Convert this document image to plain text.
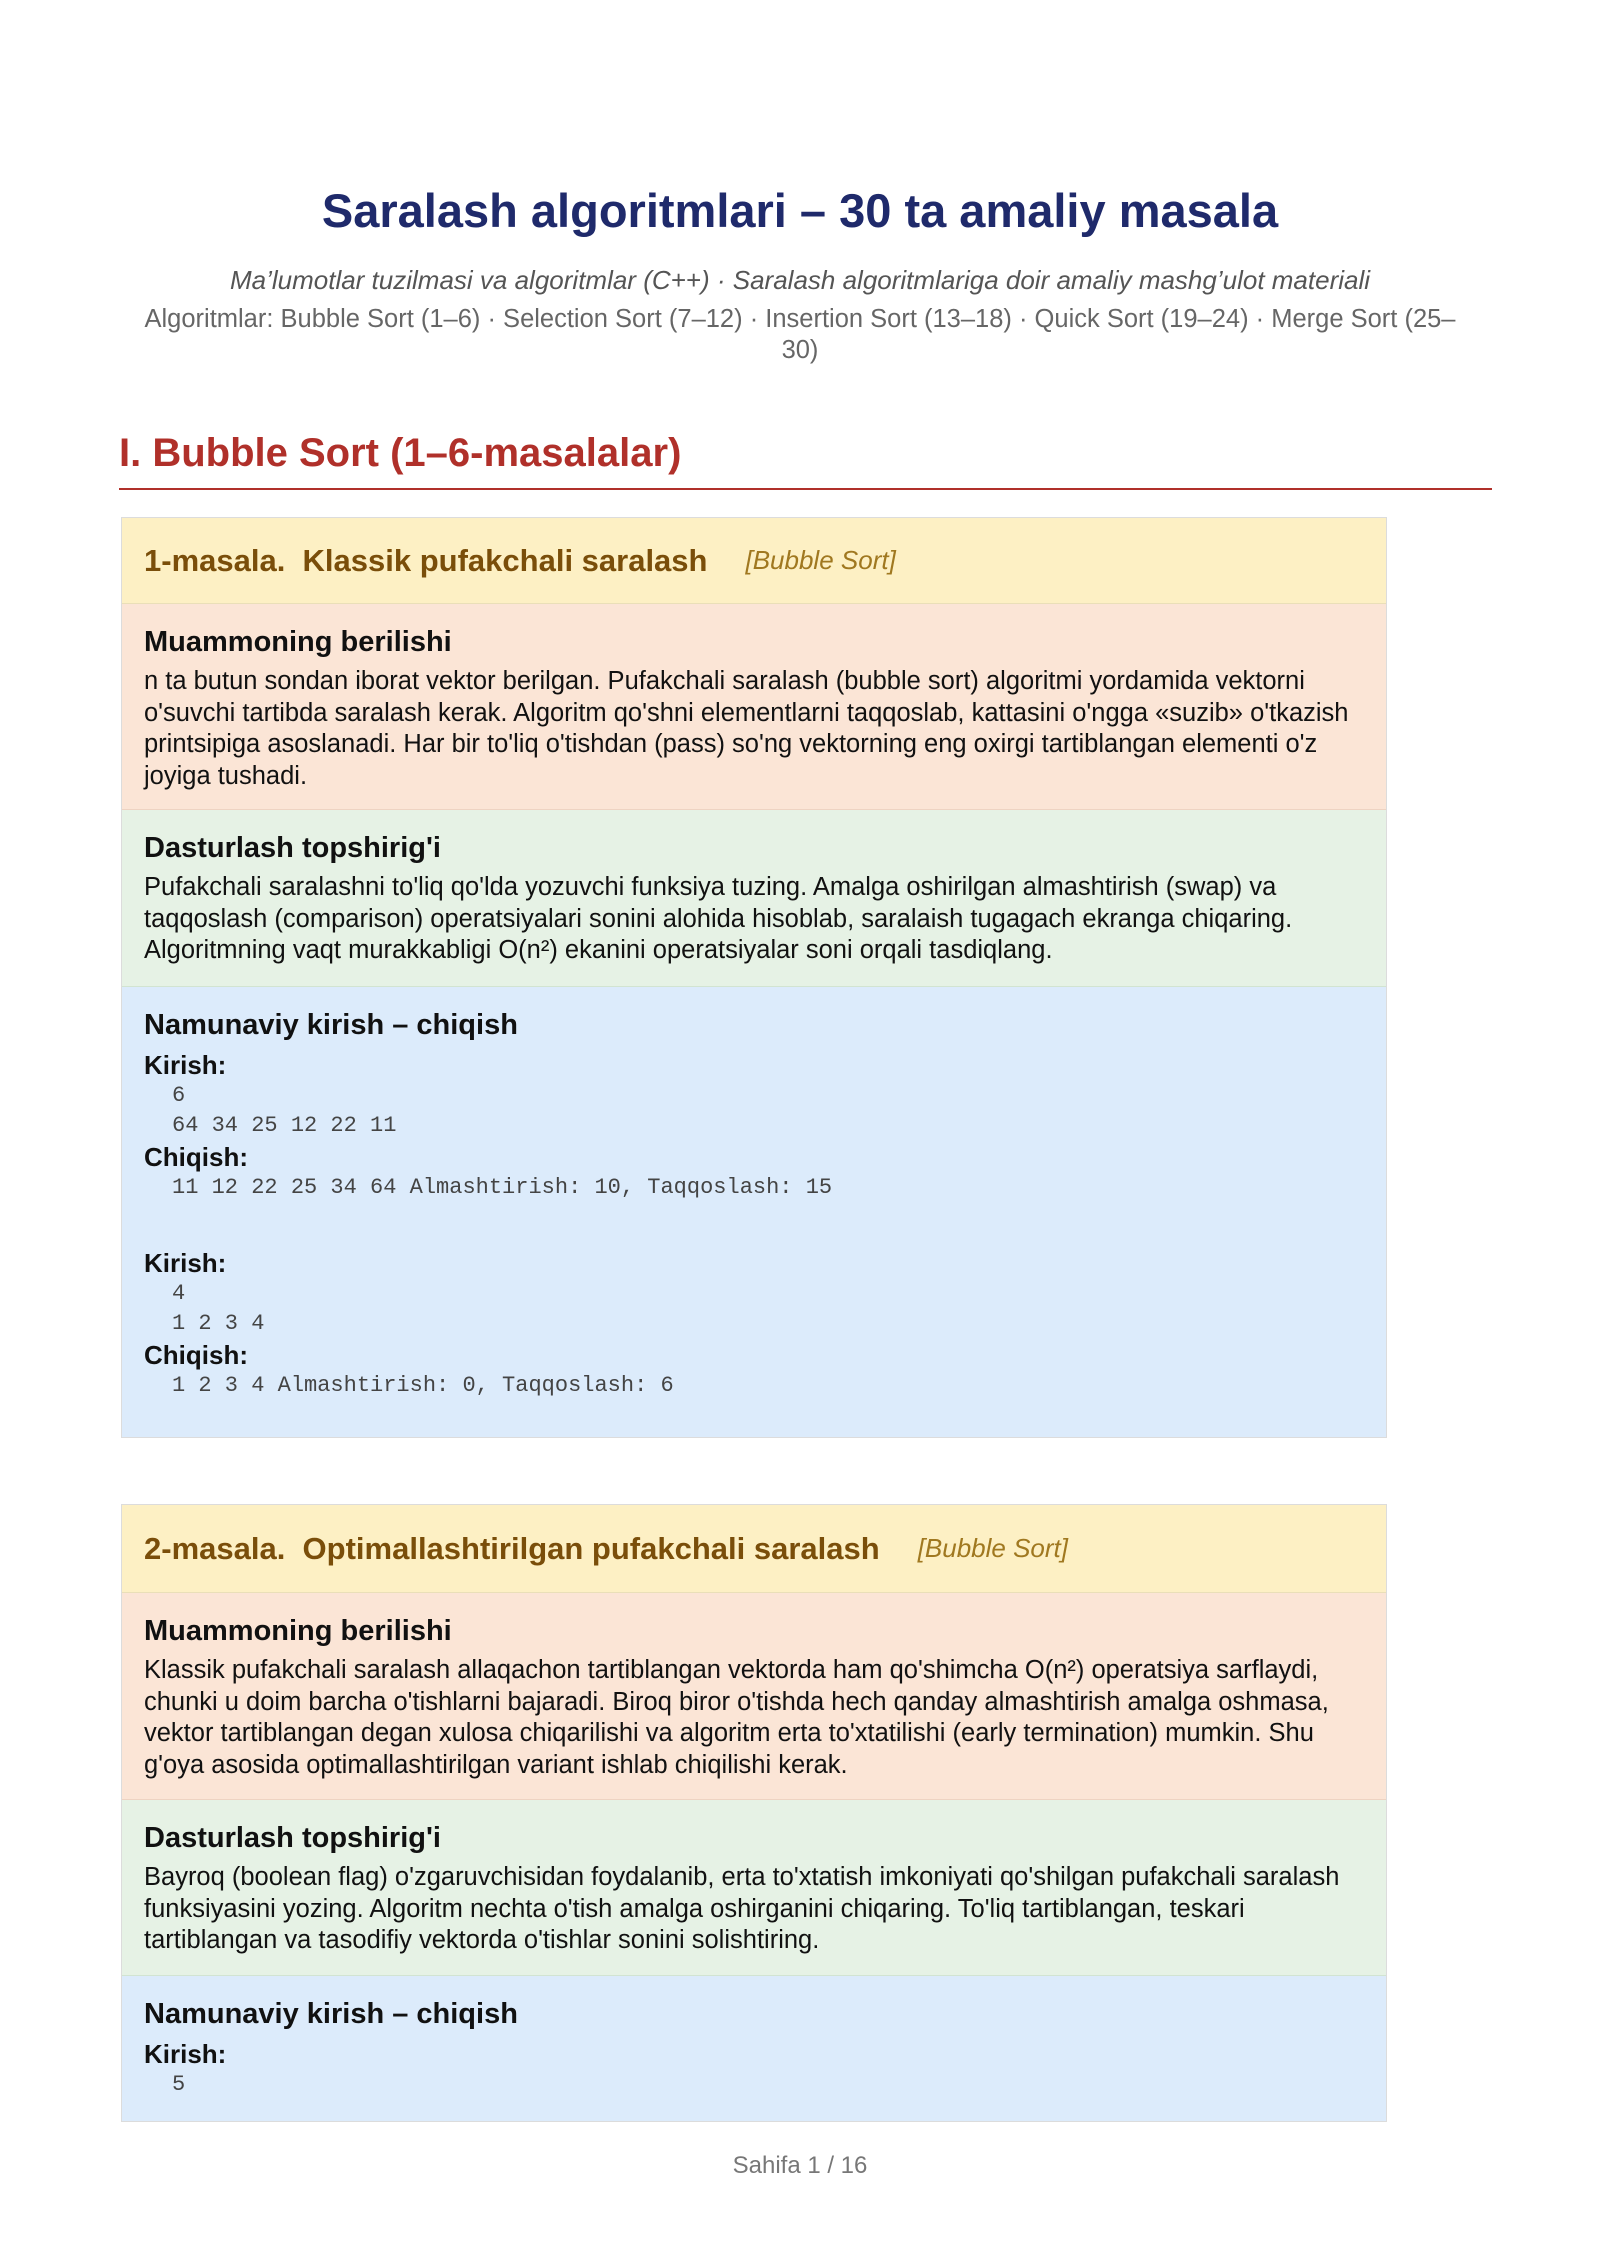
Saralash algoritmlari – 30 ta amaliy masala
Ma’lumotlar tuzilmasi va algoritmlar (C++) · Saralash algoritmlariga doir amaliy mashg’ulot materiali
Algoritmlar: Bubble Sort (1–6) · Selection Sort (7–12) · Insertion Sort (13–18) · Quick Sort (19–24) · Merge Sort (25–30)
I. Bubble Sort (1–6-masalalar)
1-masala.  Klassik pufakchali saralash [Bubble Sort]
Muammoning berilishi
n ta butun sondan iborat vektor berilgan. Pufakchali saralash (bubble sort) algoritmi yordamida vektorni o'suvchi tartibda saralash kerak. Algoritm qo'shni elementlarni taqqoslab, kattasini o'ngga «suzib» o'tkazish printsipiga asoslanadi. Har bir to'liq o'tishdan (pass) so'ng vektorning eng oxirgi tartiblangan elementi o'z joyiga tushadi.
Dasturlash topshirig'i
Pufakchali saralashni to'liq qo'lda yozuvchi funksiya tuzing. Amalga oshirilgan almashtirish (swap) va taqqoslash (comparison) operatsiyalari sonini alohida hisoblab, saralaish tugagach ekranga chiqaring. Algoritmning vaqt murakkabligi O(n²) ekanini operatsiyalar soni orqali tasdiqlang.
Namunaviy kirish – chiqish
Kirish:
6
64 34 25 12 22 11
Chiqish:
11 12 22 25 34 64 Almashtirish: 10, Taqqoslash: 15
Kirish:
4
1 2 3 4
Chiqish:
1 2 3 4 Almashtirish: 0, Taqqoslash: 6
2-masala.  Optimallashtirilgan pufakchali saralash [Bubble Sort]
Muammoning berilishi
Klassik pufakchali saralash allaqachon tartiblangan vektorda ham qo'shimcha O(n²) operatsiya sarflaydi, chunki u doim barcha o'tishlarni bajaradi. Biroq biror o'tishda hech qanday almashtirish amalga oshmasa, vektor tartiblangan degan xulosa chiqarilishi va algoritm erta to'xtatilishi (early termination) mumkin. Shu g'oya asosida optimallashtirilgan variant ishlab chiqilishi kerak.
Dasturlash topshirig'i
Bayroq (boolean flag) o'zgaruvchisidan foydalanib, erta to'xtatish imkoniyati qo'shilgan pufakchali saralash funksiyasini yozing. Algoritm nechta o'tish amalga oshirganini chiqaring. To'liq tartiblangan, teskari tartiblangan va tasodifiy vektorda o'tishlar sonini solishtiring.
Namunaviy kirish – chiqish
Kirish:
5
Sahifa 1 / 16
